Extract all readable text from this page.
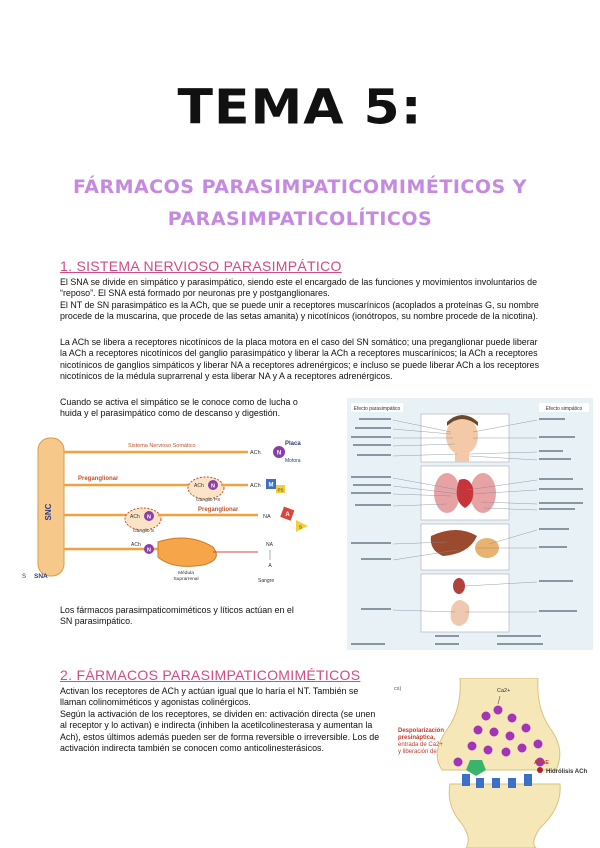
TEMA 5:
FÁRMACOS PARASIMPATICOMIMÉTICOS Y
PARASIMPATICOLÍTICOS
1. SISTEMA NERVIOSO PARASIMPÁTICO
El SNA se divide en simpático y parasimpático, siendo este el encargado de las funciones y movimientos involuntarios de
“reposo”. El SNA está formado por neuronas pre y postganglionares.
El NT de SN parasimpático es la ACh, que se puede unir a receptores muscarínicos (acoplados a proteínas G, su nombre
procede de la muscarina, que procede de las setas amanita) y nicotínicos (ionótropos, su nombre procede de la nicotina).
La ACh se libera a receptores nicotínicos de la placa motora en el caso del SN somático; una preganglionar puede liberar
la ACh a receptores nicotínicos del ganglio parasimpático y liberar la ACh a receptores muscarínicos; la ACh a receptores
nicotínicos de ganglios simpáticos y liberar NA a receptores adrenérgicos; e incluso se puede liberar ACh a los receptores
nicotínicos de la médula suprarrenal y esta liberar NA y A a receptores adrenérgicos.
Cuando se activa el simpático se le conoce como de lucha o
huida y el parasimpático como de descanso y digestión.
SNC
Sistema Nervioso Somático
ACh	N
Placa
Motora
Preganglionar
ACh N
Ganglio PS
ACh M
PS
ACh N
Ganglio S
Preganglionar
NA A
S
ACh
N
Médula
Suprarrenal
NA
A
Sangre
S SNA
Los fármacos parasimpaticomiméticos y líticos actúan en el
SN parasimpático.
Efecto parasimpático	Efecto simpático
2. FÁRMACOS PARASIMPATICOMIMÉTICOS
Activan los receptores de ACh y actúan igual que lo haría el NT. También se
llaman colinomiméticos y agonistas colinérgicos.
Según la activación de los receptores, se dividen en: activación directa (se unen
al receptor y lo activan) e indirecta (inhiben la acetilcolinesterasa y aumentan la
Ach), estos últimos además pueden ser de forma reversible o irreversible. Los de
activación indirecta también se conocen como anticolinesterásicos.
cs)	Ca2+
Despolarización
presináptica,
entrada de Ca2+
y liberación de
AChE
Hidrólisis ACh
